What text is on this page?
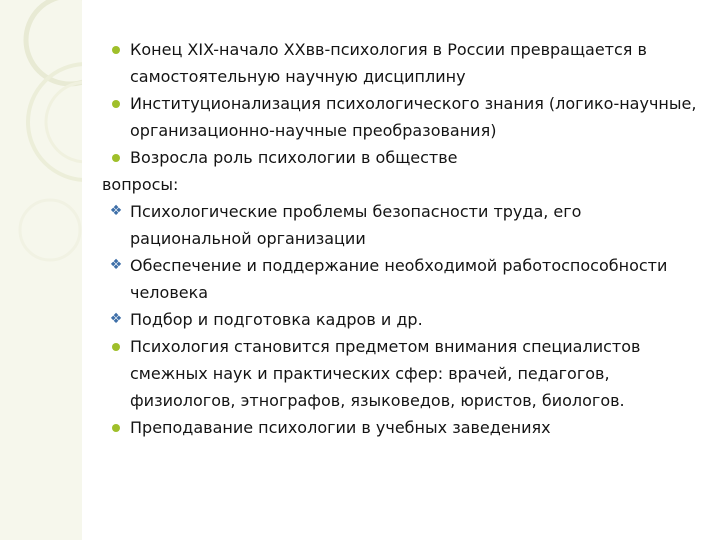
Конец XIX-начало XXвв-психология в России превращается в самостоятельную научную дисциплину
Институционализация психологического знания (логико-научные, организационно-научные преобразования)
Возросла роль психологии в обществе
вопросы:
❖ Психологические проблемы безопасности труда, его рациональной организации
❖ Обеспечение и поддержание необходимой работоспособности человека
❖ Подбор и подготовка кадров и др.
Психология становится предметом внимания специалистов смежных наук и практических сфер: врачей, педагогов, физиологов, этнографов, языковедов, юристов, биологов.
Преподавание психологии в учебных заведениях
